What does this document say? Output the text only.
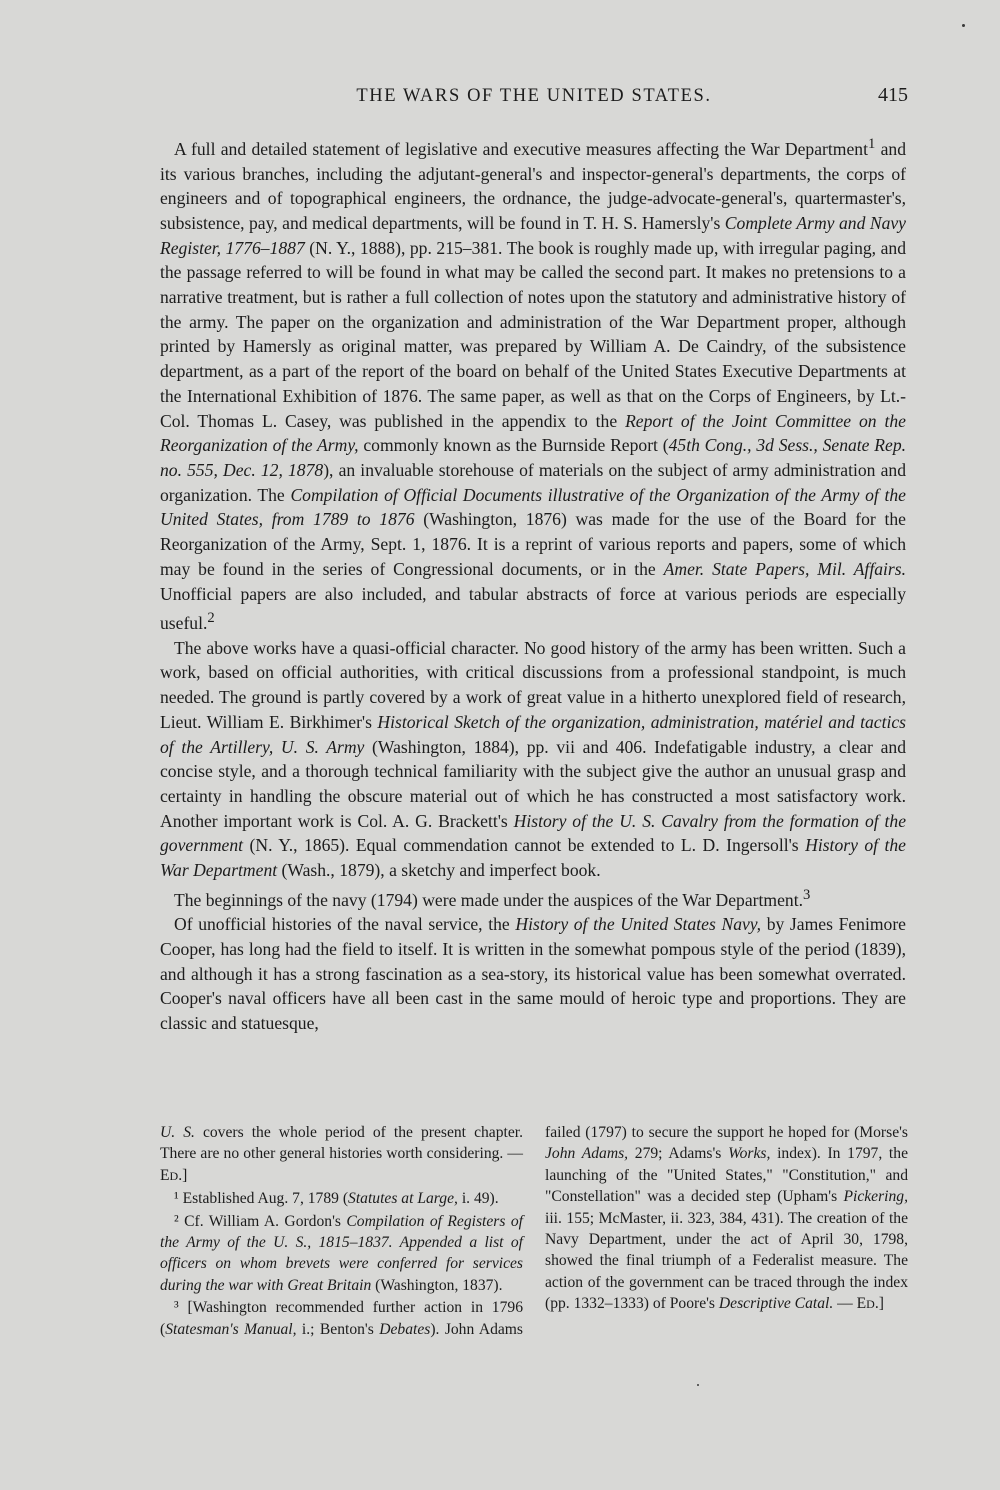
THE WARS OF THE UNITED STATES.	415

A full and detailed statement of legislative and executive measures affecting the War Department$^1$ and its various branches, including the adjutant-general's and inspector-general's departments, the corps of engineers and of topographical engineers, the ordnance, the judge-advocate-general's, quartermaster's, subsistence, pay, and medical departments, will be found in T. H. S. Hamersly's Complete Army and Navy Register, 1776–1887 (N. Y., 1888), pp. 215–381. The book is roughly made up, with irregular paging, and the passage referred to will be found in what may be called the second part. It makes no pretensions to a narrative treatment, but is rather a full collection of notes upon the statutory and administrative history of the army. The paper on the organization and administration of the War Department proper, although printed by Hamersly as original matter, was prepared by William A. De Caindry, of the subsistence department, as a part of the report of the board on behalf of the United States Executive Departments at the International Exhibition of 1876. The same paper, as well as that on the Corps of Engineers, by Lt.-Col. Thomas L. Casey, was published in the appendix to the Report of the Joint Committee on the Reorganization of the Army, commonly known as the Burnside Report (45th Cong., 3d Sess., Senate Rep. no. 555, Dec. 12, 1878), an invaluable storehouse of materials on the subject of army administration and organization. The Compilation of Official Documents illustrative of the Organization of the Army of the United States, from 1789 to 1876 (Washington, 1876) was made for the use of the Board for the Reorganization of the Army, Sept. 1, 1876. It is a reprint of various reports and papers, some of which may be found in the series of Congressional documents, or in the Amer. State Papers, Mil. Affairs. Unofficial papers are also included, and tabular abstracts of force at various periods are especially useful.$^2$

The above works have a quasi-official character. No good history of the army has been written. Such a work, based on official authorities, with critical discussions from a professional standpoint, is much needed. The ground is partly covered by a work of great value in a hitherto unexplored field of research, Lieut. William E. Birkhimer's Historical Sketch of the organization, administration, matériel and tactics of the Artillery, U. S. Army (Washington, 1884), pp. vii and 406. Indefatigable industry, a clear and concise style, and a thorough technical familiarity with the subject give the author an unusual grasp and certainty in handling the obscure material out of which he has constructed a most satisfactory work. Another important work is Col. A. G. Brackett's History of the U. S. Cavalry from the formation of the government (N. Y., 1865). Equal commendation cannot be extended to L. D. Ingersoll's History of the War Department (Wash., 1879), a sketchy and imperfect book.

The beginnings of the navy (1794) were made under the auspices of the War Department.$^3$

Of unofficial histories of the naval service, the History of the United States Navy, by James Fenimore Cooper, has long had the field to itself. It is written in the somewhat pompous style of the period (1839), and although it has a strong fascination as a sea-story, its historical value has been somewhat overrated. Cooper's naval officers have all been cast in the same mould of heroic type and proportions. They are classic and statuesque,

U. S. covers the whole period of the present chapter. There are no other general histories worth considering. — ED.]

¹ Established Aug. 7, 1789 (Statutes at Large, i. 49).

² Cf. William A. Gordon's Compilation of Registers of the Army of the U. S., 1815–1837. Appended a list of officers on whom brevets were conferred for services during the war with Great Britain (Washington, 1837).

³ [Washington recommended further action in 1796 (Statesman's Manual, i.; Benton's Debates). John Adams failed (1797) to secure the support he hoped for (Morse's John Adams, 279; Adams's Works, index). In 1797, the launching of the "United States," "Constitution," and "Constellation" was a decided step (Upham's Pickering, iii. 155; McMaster, ii. 323, 384, 431). The creation of the Navy Department, under the act of April 30, 1798, showed the final triumph of a Federalist measure. The action of the government can be traced through the index (pp. 1332–1333) of Poore's Descriptive Catal. — ED.]
